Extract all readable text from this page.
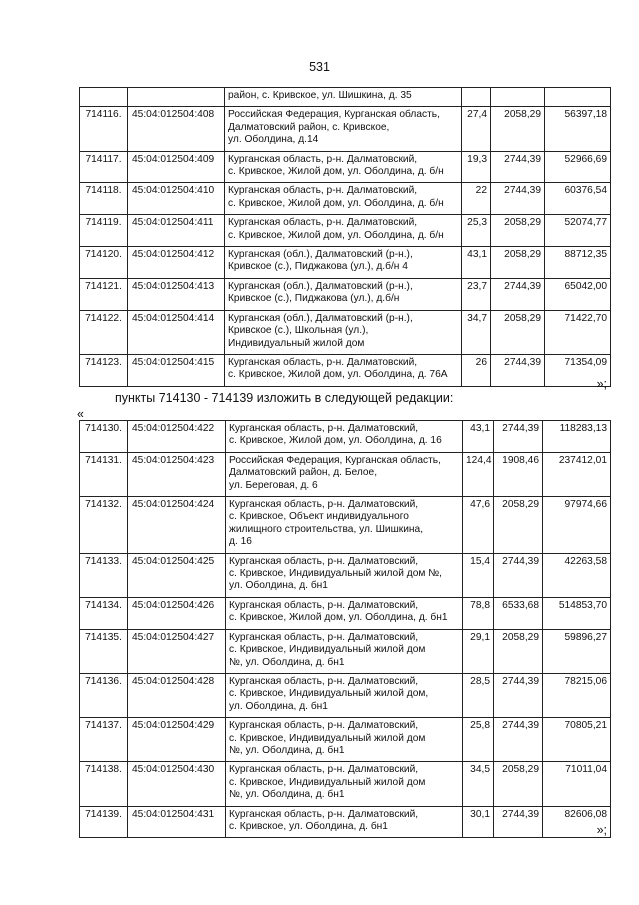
531
		район, с. Кривское, ул. Шишкина, д. 35			
714116.	45:04:012504:408	Российская Федерация, Курганская область,
Далматовский район, с. Кривское,
ул. Оболдина, д.14	27,4	2058,29	56397,18
714117.	45:04:012504:409	Курганская область, р-н. Далматовский,
с. Кривское, Жилой дом, ул. Оболдина, д. б/н	19,3	2744,39	52966,69
714118.	45:04:012504:410	Курганская область, р-н. Далматовский,
с. Кривское, Жилой дом, ул. Оболдина, д. б/н	22	2744,39	60376,54
714119.	45:04:012504:411	Курганская область, р-н. Далматовский,
с. Кривское, Жилой дом, ул. Оболдина, д. б/н	25,3	2058,29	52074,77
714120.	45:04:012504:412	Курганская (обл.), Далматовский (р-н.),
Кривское (с.), Пиджакова (ул.), д.б/н 4	43,1	2058,29	88712,35
714121.	45:04:012504:413	Курганская (обл.), Далматовский (р-н.),
Кривское (с.), Пиджакова (ул.), д.б/н	23,7	2744,39	65042,00
714122.	45:04:012504:414	Курганская (обл.), Далматовский (р-н.),
Кривское (с.), Школьная (ул.),
Индивидуальный жилой дом	34,7	2058,29	71422,70
714123.	45:04:012504:415	Курганская область, р-н. Далматовский,
с. Кривское, Жилой дом, ул. Оболдина, д. 76А	26	2744,39	71354,09
»;
пункты 714130 - 714139 изложить в следующей редакции:
«
714130.	45:04:012504:422	Курганская область, р-н. Далматовский,
с. Кривское, Жилой дом, ул. Оболдина, д. 16	43,1	2744,39	118283,13
714131.	45:04:012504:423	Российская Федерация, Курганская область,
Далматовский район, д. Белое,
ул. Береговая, д. 6	124,4	1908,46	237412,01
714132.	45:04:012504:424	Курганская область, р-н. Далматовский,
с. Кривское, Объект индивидуального
жилищного строительства, ул. Шишкина,
д. 16	47,6	2058,29	97974,66
714133.	45:04:012504:425	Курганская область, р-н. Далматовский,
с. Кривское, Индивидуальный жилой дом №,
ул. Оболдина, д. бн1	15,4	2744,39	42263,58
714134.	45:04:012504:426	Курганская область, р-н. Далматовский,
с. Кривское, Жилой дом, ул. Оболдина, д. бн1	78,8	6533,68	514853,70
714135.	45:04:012504:427	Курганская область, р-н. Далматовский,
с. Кривское, Индивидуальный жилой дом
№, ул. Оболдина, д. бн1	29,1	2058,29	59896,27
714136.	45:04:012504:428	Курганская область, р-н. Далматовский,
с. Кривское, Индивидуальный жилой дом,
ул. Оболдина, д. бн1	28,5	2744,39	78215,06
714137.	45:04:012504:429	Курганская область, р-н. Далматовский,
с. Кривское, Индивидуальный жилой дом
№, ул. Оболдина, д. бн1	25,8	2744,39	70805,21
714138.	45:04:012504:430	Курганская область, р-н. Далматовский,
с. Кривское, Индивидуальный жилой дом
№, ул. Оболдина, д. бн1	34,5	2058,29	71011,04
714139.	45:04:012504:431	Курганская область, р-н. Далматовский,
с. Кривское, ул. Оболдина, д. бн1	30,1	2744,39	82606,08
»;
